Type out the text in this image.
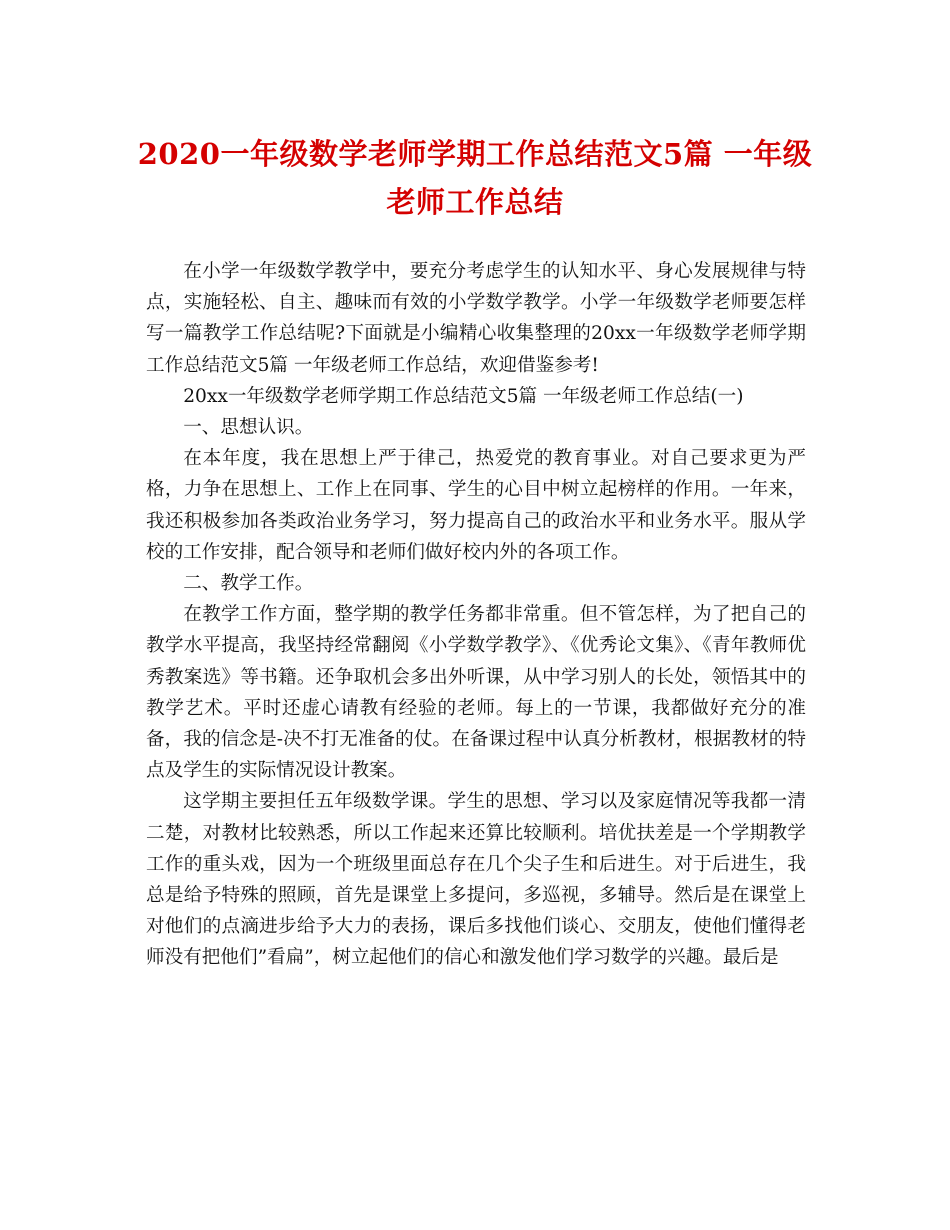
2020一年级数学老师学期工作总结范文5篇 一年级老师工作总结

在小学一年级数学教学中，要充分考虑学生的认知水平、身心发展规律与特点，实施轻松、自主、趣味而有效的小学数学教学。小学一年级数学老师要怎样写一篇教学工作总结呢?下面就是小编精心收集整理的20xx一年级数学老师学期工作总结范文5篇 一年级老师工作总结，欢迎借鉴参考!

20xx一年级数学老师学期工作总结范文5篇 一年级老师工作总结(一)

一、思想认识。

在本年度，我在思想上严于律己，热爱党的教育事业。对自己要求更为严格，力争在思想上、工作上在同事、学生的心目中树立起榜样的作用。一年来，我还积极参加各类政治业务学习，努力提高自己的政治水平和业务水平。服从学校的工作安排，配合领导和老师们做好校内外的各项工作。

二、教学工作。

在教学工作方面，整学期的教学任务都非常重。但不管怎样，为了把自己的教学水平提高，我坚持经常翻阅《小学数学教学》、《优秀论文集》、《青年教师优秀教案选》等书籍。还争取机会多出外听课，从中学习别人的长处，领悟其中的教学艺术。平时还虚心请教有经验的老师。每上的一节课，我都做好充分的准备，我的信念是-决不打无准备的仗。在备课过程中认真分析教材，根据教材的特点及学生的实际情况设计教案。

这学期主要担任五年级数学课。学生的思想、学习以及家庭情况等我都一清二楚，对教材比较熟悉，所以工作起来还算比较顺利。培优扶差是一个学期教学工作的重头戏，因为一个班级里面总存在几个尖子生和后进生。对于后进生，我总是给予特殊的照顾，首先是课堂上多提问，多巡视，多辅导。然后是在课堂上对他们的点滴进步给予大力的表扬，课后多找他们谈心、交朋友，使他们懂得老师没有把他们”看扁”，树立起他们的信心和激发他们学习数学的兴趣。最后是
